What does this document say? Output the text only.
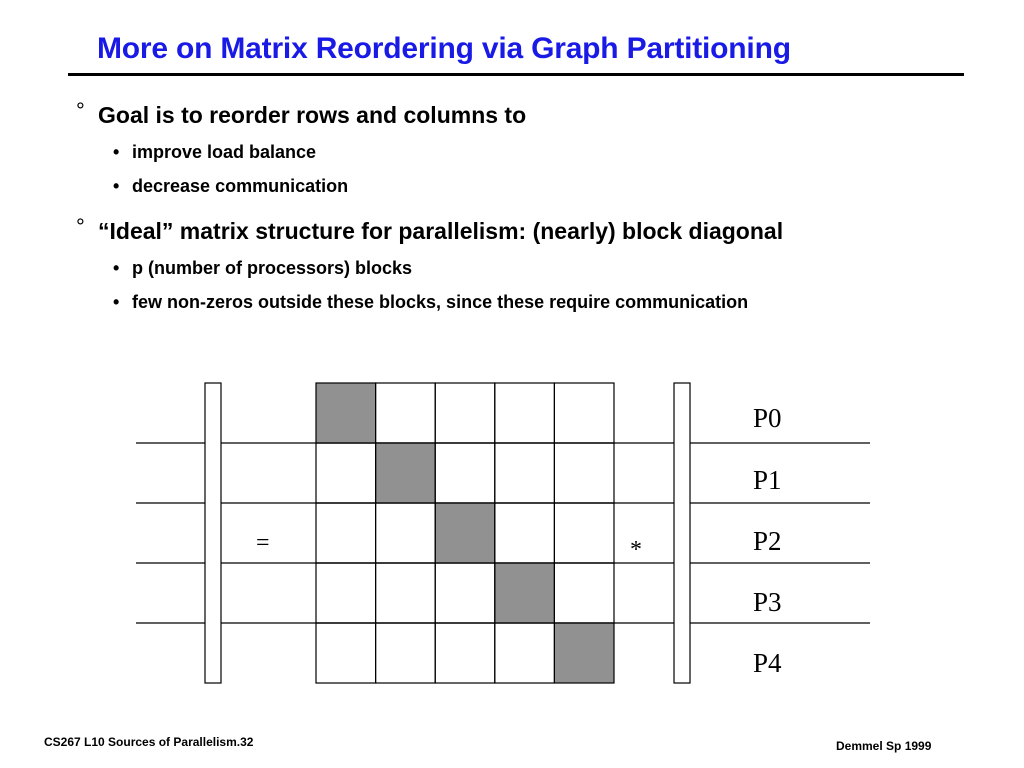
More on Matrix Reordering via Graph Partitioning
° Goal is to reorder rows and columns to
• improve load balance
• decrease communication
° “Ideal” matrix structure for parallelism: (nearly) block diagonal
• p (number of processors) blocks
• few non-zeros outside these blocks, since these require communication
=	*
P0
P1
P2
P3
P4
CS267 L10 Sources of Parallelism.32	Demmel Sp 1999
